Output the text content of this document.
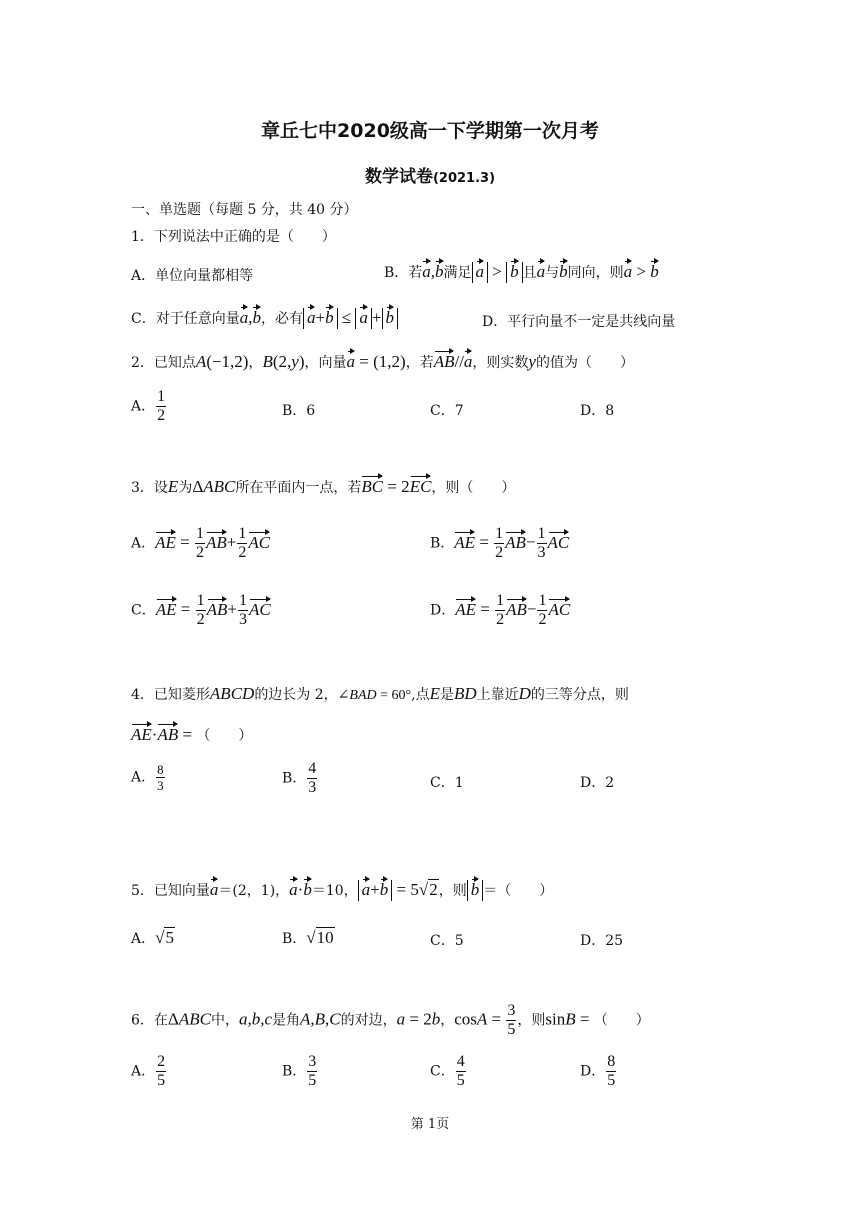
章丘七中2020级高一下学期第一次月考
数学试卷(2021.3)
一、单选题（每题 5 分，共 40 分）
1．下列说法中正确的是（　　）
A．单位向量都相等	B．若a,b满足 a > b 且a与b同向，则a > b
C．对于任意向量a,b，必有 a+b ≤ a + b	D．平行向量不一定是共线向量
2．已知点A(−1,2)，B(2,y)，向量a = (1,2)，若AB//a，则实数y的值为（　　）
A． $\frac{1}{2}$	B．6	C．7	D．8
3．设E为ΔABC所在平面内一点，若BC = 2EC，则（　　）
A．AE = $\frac{1}{2} AB+ \frac{1}{2}$ AC	B．AE = $\frac{1}{2} AB- \frac{1}{3}$ AC
C．AE = $\frac{1}{2} AB+ \frac{1}{3}$ AC	D．AE = $\frac{1}{2} AB- \frac{1}{2}$ AC
4．已知菱形ABCD的边长为 2，∠BAD = 60°,点E是BD上靠近D的三等分点，则
AE·AB = （　　）
A． $\frac{8}{3}$	B． $\frac{4}{3}$	C．1	D．2
5．已知向量a＝(2，1)，a·b＝10， a+b = 5√2，则 b ＝（　　）
A．√5	B．√10	C．5	D．25
6．在ΔABC中，a,b,c是角A,B,C的对边，a = 2b，$\cos A = \frac{3}{5}$ ，则sinB = （　　）
A． $\frac{2}{5}$	B． $\frac{3}{5}$	C． $\frac{4}{5}$	D． $\frac{8}{5}$
第 1页
